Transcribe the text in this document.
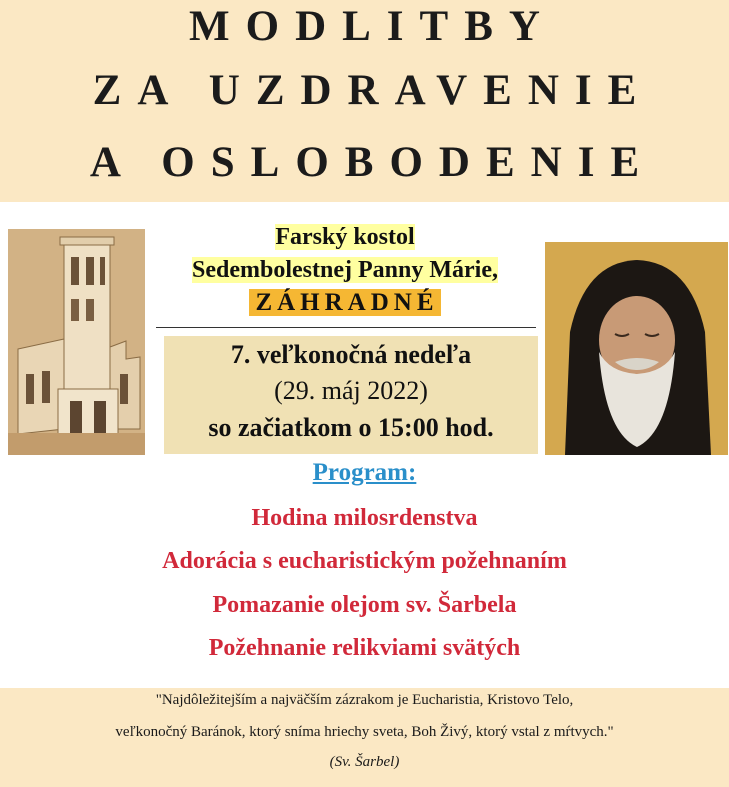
MODLITBY
ZA UZDRAVENIE
A OSLOBODENIE
Farský kostol
Sedembolestnej Panny Márie,
ZÁHRADNÉ
7. veľkonočná nedeľa
(29. máj 2022)
so začiatkom o 15:00 hod.
Program:
Hodina milosrdenstva
Adorácia s eucharistickým požehnaním
Pomazanie olejom sv. Šarbela
Požehnanie relikviami svätých
"Najdôležitejším a najväčším zázrakom je Eucharistia, Kristovo Telo,
veľkonočný Baránok, ktorý sníma hriechy sveta, Boh Živý, ktorý vstal z mŕtvych."
(Sv. Šarbel)
